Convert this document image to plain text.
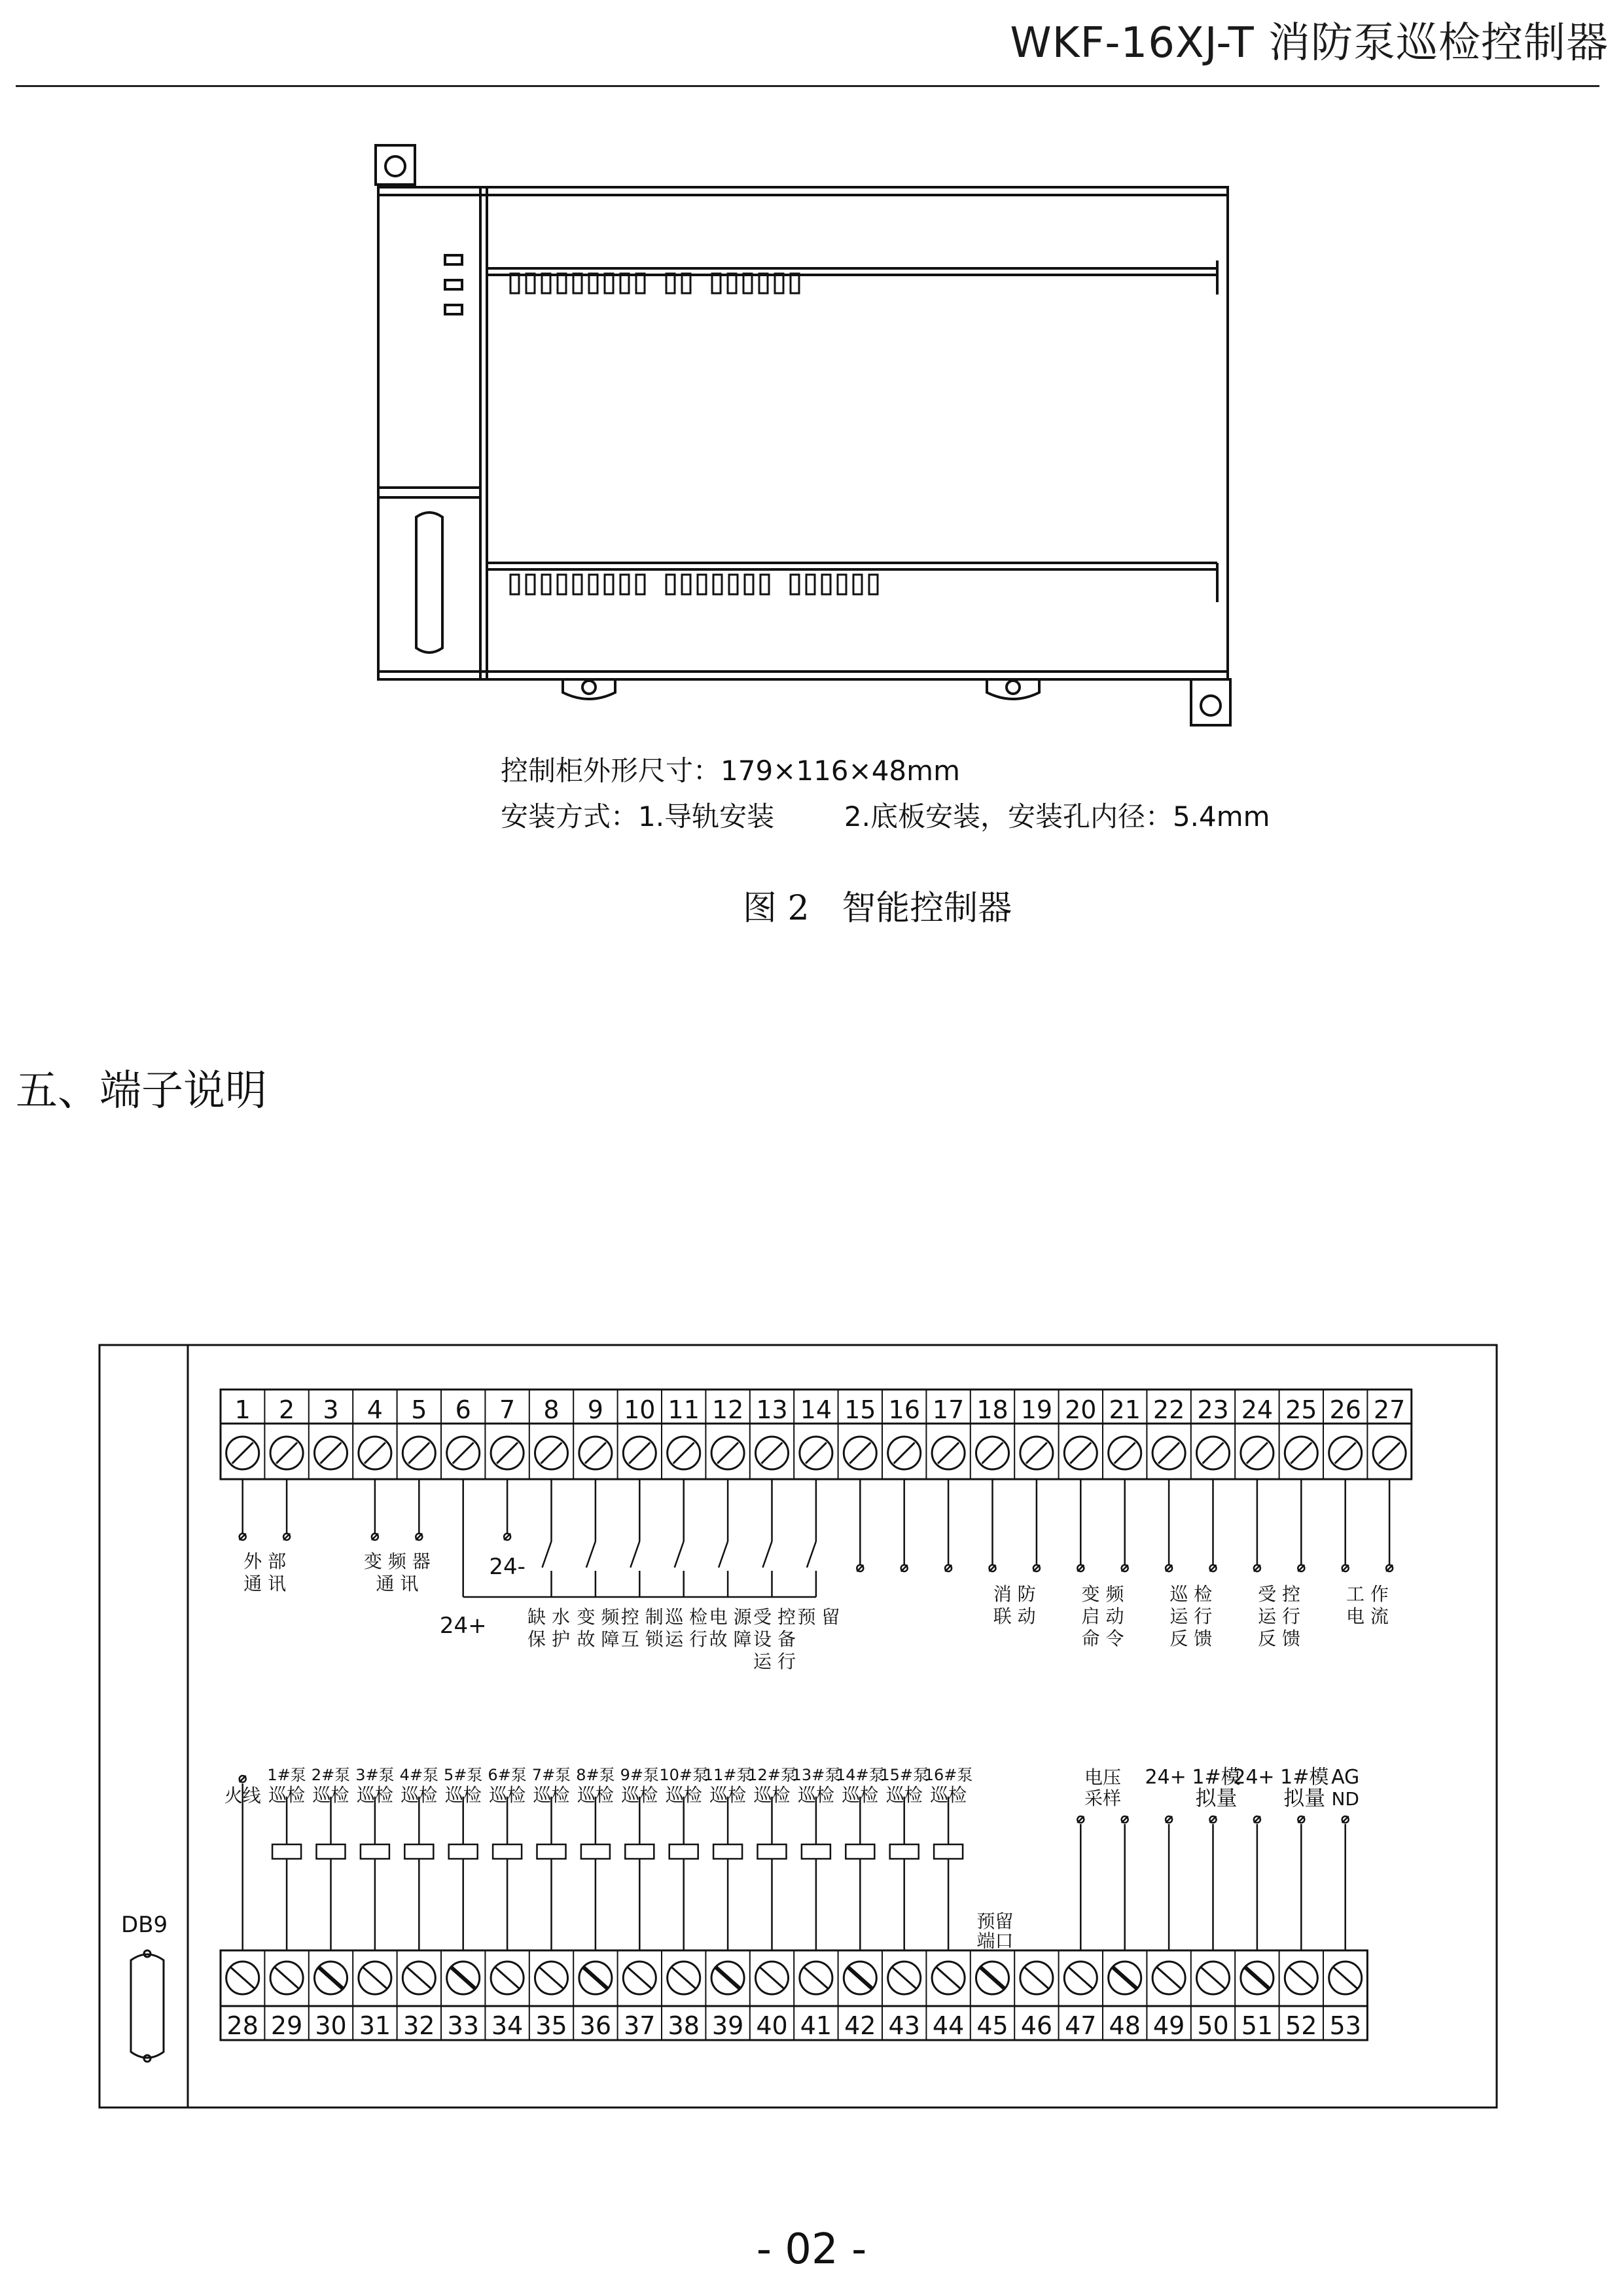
WKF-16XJ-T 消防泵巡检控制器
控制柜外形尺寸：179×116×48mm
安装方式：1.导轨安装        2.底板安装，安装孔内径：5.4mm
图 2   智能控制器
五、端子说明
DB9
1 2 3 4 5 6 7 8 9 10 11 12 13 14 15 16 17 18 19 20 21 22 23 24 25 26 27
28 29 30 31 32 33 34 35 36 37 38 39 40 41 42 43 44 45 46 47 48 49 50 51 52 53
外 部
通 讯
变 频 器
通 讯
24-
24+ 缺 水
保 护
变 频
故 障
控 制
互 锁
巡 检
运 行
电 源
故 障
受 控
设 备
运 行
预 留
消 防
联 动
变 频
启 动
命 令
巡 检
运 行
反 馈
受 控
运 行
反 馈
工 作
电 流
火线
1#泵
巡检
2#泵
巡检
3#泵
巡检
4#泵
巡检
5#泵
巡检
6#泵
巡检
7#泵
巡检
8#泵
巡检
9#泵
巡检
10#泵
巡检
11#泵
巡检
12#泵
巡检
13#泵
巡检
14#泵
巡检
15#泵
巡检
16#泵
巡检
预留
端口
电压
采样
24+ 1#模
24+ 1#模 AG
拟量 拟量 ND
- 02 -
